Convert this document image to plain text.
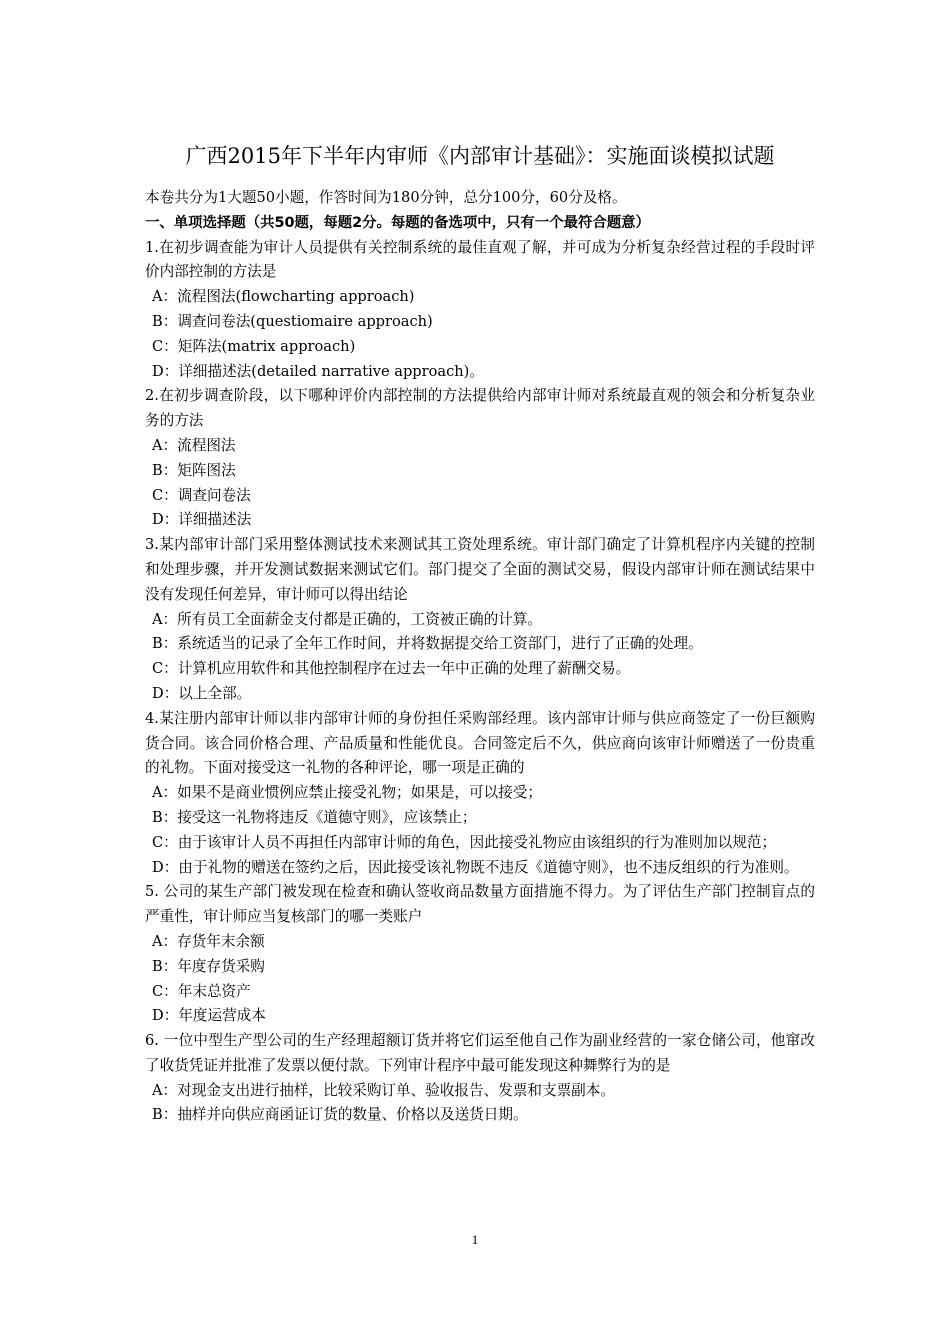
广西2015年下半年内审师《内部审计基础》：实施面谈模拟试题

本卷共分为1大题50小题，作答时间为180分钟，总分100分，60分及格。

一、单项选择题（共50题，每题2分。每题的备选项中，只有一个最符合题意）

1.在初步调查能为审计人员提供有关控制系统的最佳直观了解，并可成为分析复杂经营过程的手段时评价内部控制的方法是

A：流程图法(flowcharting approach)

B：调查问卷法(questiomaire approach)

C：矩阵法(matrix approach)

D：详细描述法(detailed narrative approach)。

2.在初步调查阶段，以下哪种评价内部控制的方法提供给内部审计师对系统最直观的领会和分析复杂业务的方法

A：流程图法

B：矩阵图法

C：调查问卷法

D：详细描述法

3.某内部审计部门采用整体测试技术来测试其工资处理系统。审计部门确定了计算机程序内关键的控制和处理步骤，并开发测试数据来测试它们。部门提交了全面的测试交易，假设内部审计师在测试结果中没有发现任何差异，审计师可以得出结论

A：所有员工全面薪金支付都是正确的，工资被正确的计算。

B：系统适当的记录了全年工作时间，并将数据提交给工资部门，进行了正确的处理。

C：计算机应用软件和其他控制程序在过去一年中正确的处理了薪酬交易。

D：以上全部。

4.某注册内部审计师以非内部审计师的身份担任采购部经理。该内部审计师与供应商签定了一份巨额购货合同。该合同价格合理、产品质量和性能优良。合同签定后不久，供应商向该审计师赠送了一份贵重的礼物。下面对接受这一礼物的各种评论，哪一项是正确的

A：如果不是商业惯例应禁止接受礼物；如果是，可以接受；

B：接受这一礼物将违反《道德守则》，应该禁止；

C：由于该审计人员不再担任内部审计师的角色，因此接受礼物应由该组织的行为准则加以规范；

D：由于礼物的赠送在签约之后，因此接受该礼物既不违反《道德守则》，也不违反组织的行为准则。

5. 公司的某生产部门被发现在检查和确认签收商品数量方面措施不得力。为了评估生产部门控制盲点的严重性，审计师应当复核部门的哪一类账户

A：存货年末余额

B：年度存货采购

C：年末总资产

D：年度运营成本

6. 一位中型生产型公司的生产经理超额订货并将它们运至他自己作为副业经营的一家仓储公司，他窜改了收货凭证并批准了发票以便付款。下列审计程序中最可能发现这种舞弊行为的是

A：对现金支出进行抽样，比较采购订单、验收报告、发票和支票副本。

B：抽样并向供应商函证订货的数量、价格以及送货日期。

1
